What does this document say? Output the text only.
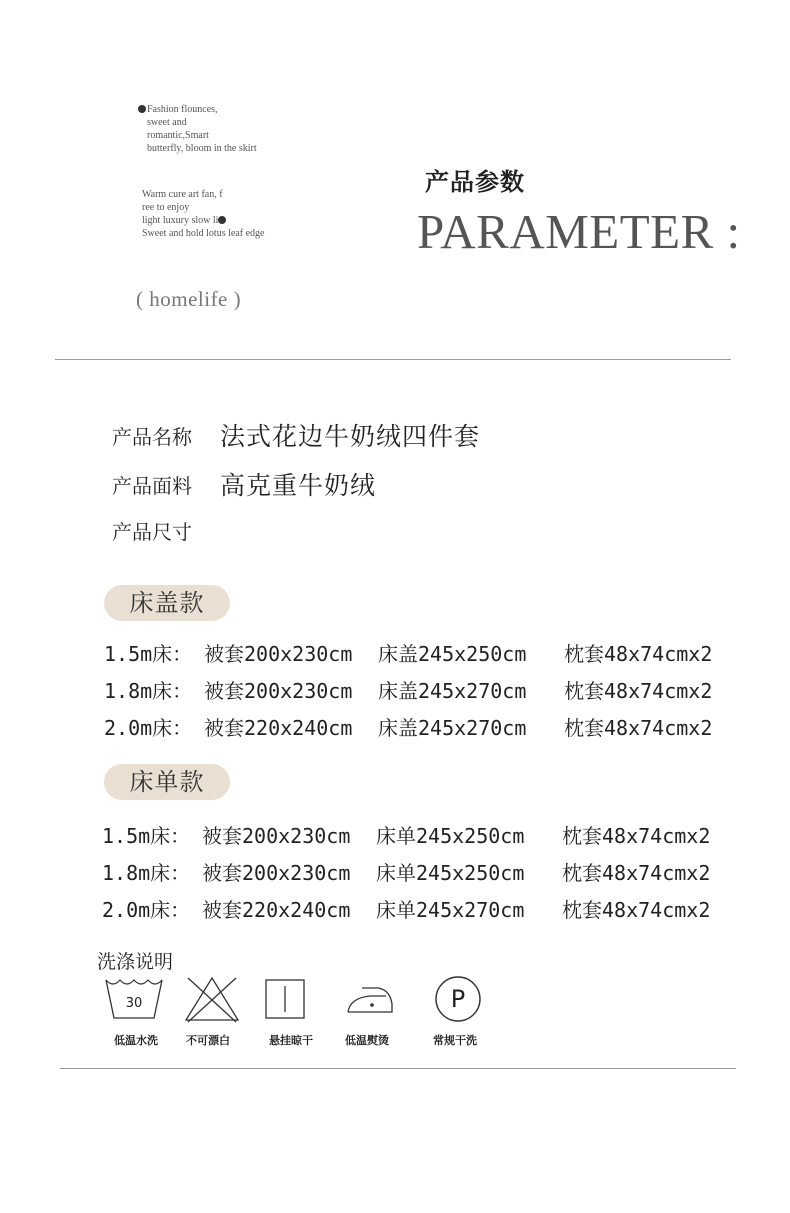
Fashion flounces,
sweet and
romantic,Smart
butterfly, bloom in the skirt
Warm cure art fan, f
ree to enjoy
light luxury slow li
Sweet and hold lotus leaf edge
( homelife )
产品参数
PARAMETER :
产品名称 法式花边牛奶绒四件套
产品面料 高克重牛奶绒
产品尺寸
床盖款
1.5m床： 被套200x230cm 床盖245x250cm 枕套48x74cmx2
1.8m床： 被套200x230cm 床盖245x270cm 枕套48x74cmx2
2.0m床： 被套220x240cm 床盖245x270cm 枕套48x74cmx2
床单款
1.5m床： 被套200x230cm 床单245x250cm 枕套48x74cmx2
1.8m床： 被套200x230cm 床单245x250cm 枕套48x74cmx2
2.0m床： 被套220x240cm 床单245x270cm 枕套48x74cmx2
洗涤说明
30	P
低温水洗	不可漂白	悬挂晾干	低温熨烫	常规干洗
